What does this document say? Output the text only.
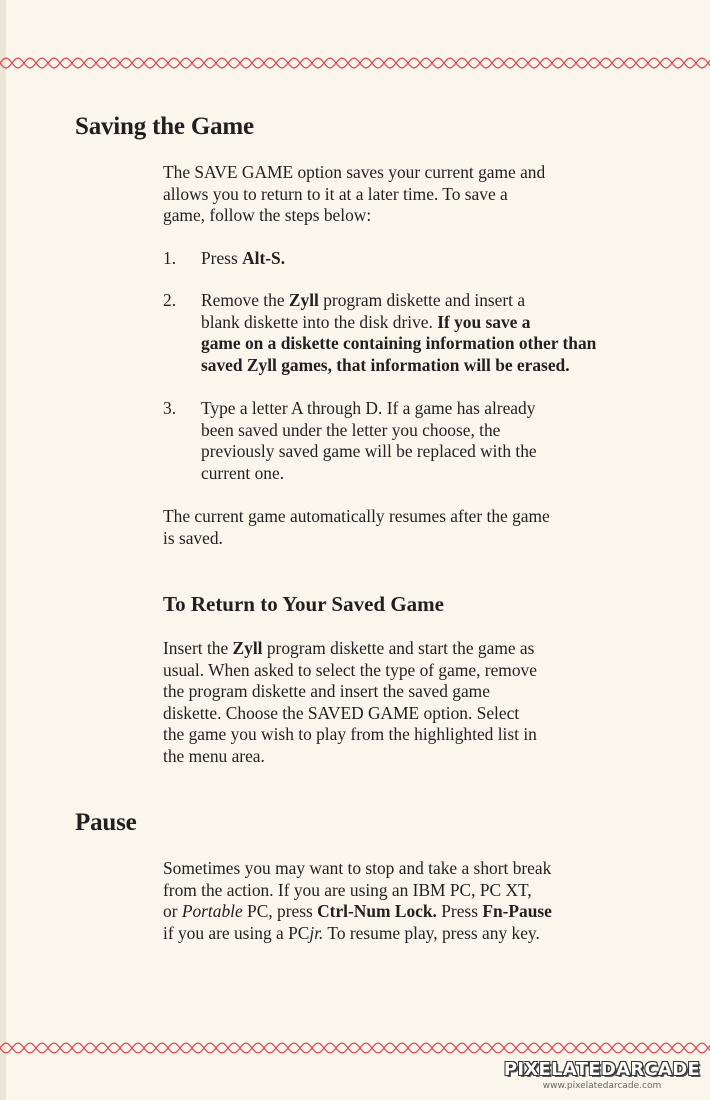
Saving the Game

The SAVE GAME option saves your current game and
allows you to return to it at a later time. To save a
game, follow the steps below:

1. Press Alt-S.
2. Remove the Zyll program diskette and insert a
blank diskette into the disk drive. If you save a
game on a diskette containing information other than
saved Zyll games, that information will be erased.
3. Type a letter A through D. If a game has already
been saved under the letter you choose, the
previously saved game will be replaced with the
current one.

The current game automatically resumes after the game
is saved.

To Return to Your Saved Game

Insert the Zyll program diskette and start the game as
usual. When asked to select the type of game, remove
the program diskette and insert the saved game
diskette. Choose the SAVED GAME option. Select
the game you wish to play from the highlighted list in
the menu area.

Pause

Sometimes you may want to stop and take a short break
from the action. If you are using an IBM PC, PC XT,
or Portable PC, press Ctrl-Num Lock. Press Fn-Pause
if you are using a PCjr. To resume play, press any key.

PIXELATEDARCADE
www.pixelatedarcade.com
